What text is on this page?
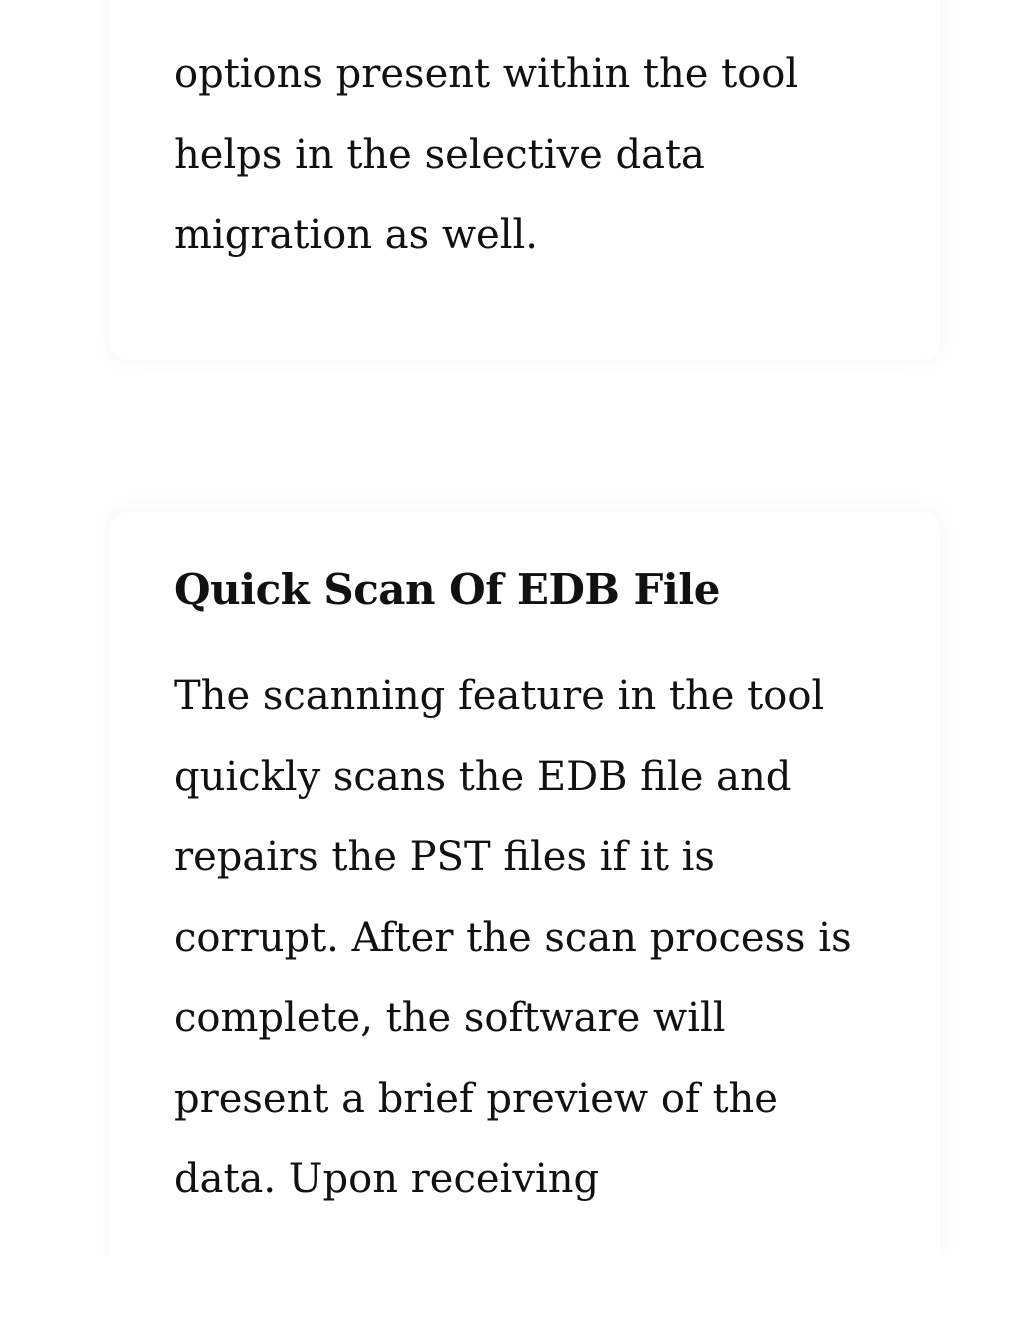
options present within the tool helps in the selective data migration as well.

Quick Scan Of EDB File

The scanning feature in the tool quickly scans the EDB file and repairs the PST files if it is corrupt. After the scan process is complete, the software will present a brief preview of the data. Upon receiving
